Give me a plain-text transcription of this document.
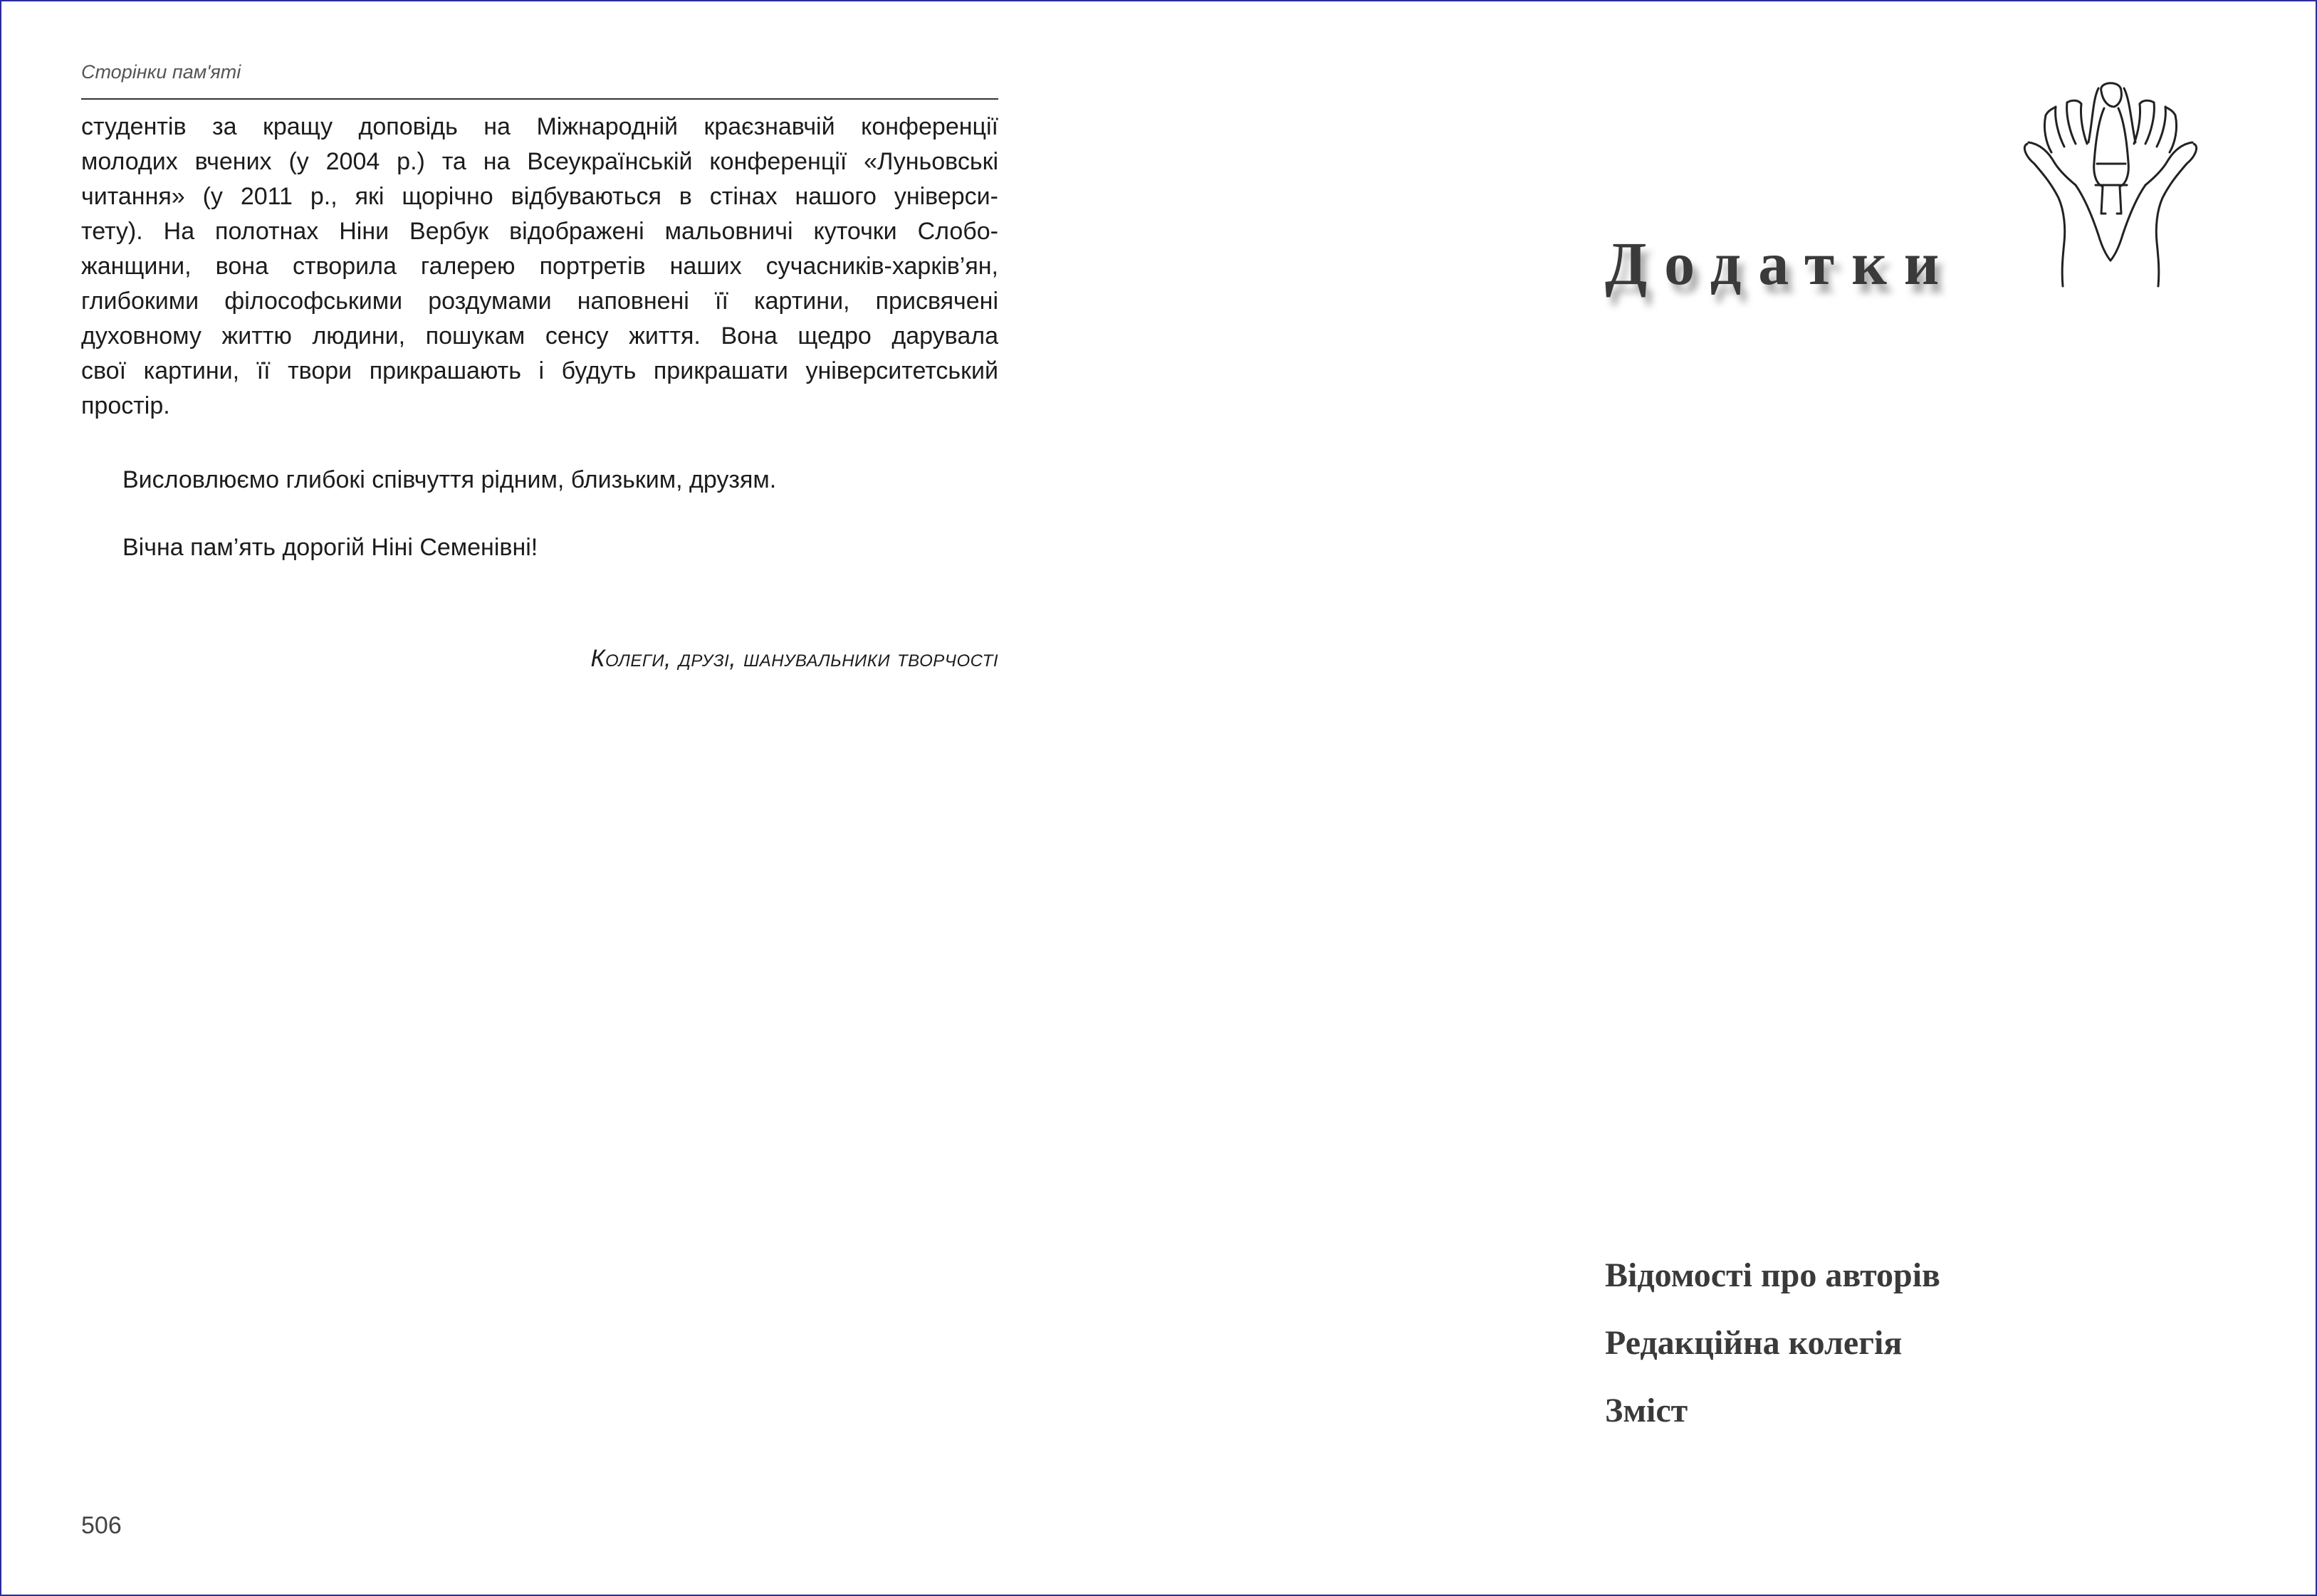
Сторінки пам'яті
студентів за кращу доповідь на Міжнародній краєзнавчій конференції
молодих вчених (у 2004 р.) та на Всеукраїнській конференції «Луньовські
читання» (у 2011 р., які щорічно відбуваються в стінах нашого універси-
тету). На полотнах Ніни Вербук відображені мальовничі куточки Слобо-
жанщини, вона створила галерею портретів наших сучасників-харків’ян,
глибокими філософськими роздумами наповнені її картини, присвячені
духовному життю людини, пошукам сенсу життя. Вона щедро дарувала
свої картини, її твори прикрашають і будуть прикрашати університетський
простір.
Висловлюємо глибокі співчуття рідним, близьким, друзям.
Вічна пам’ять дорогій Ніні Семенівні!
Колеги, друзі, шанувальники творчості
506
Додатки
Відомості про авторів
Редакційна колегія
Зміст
